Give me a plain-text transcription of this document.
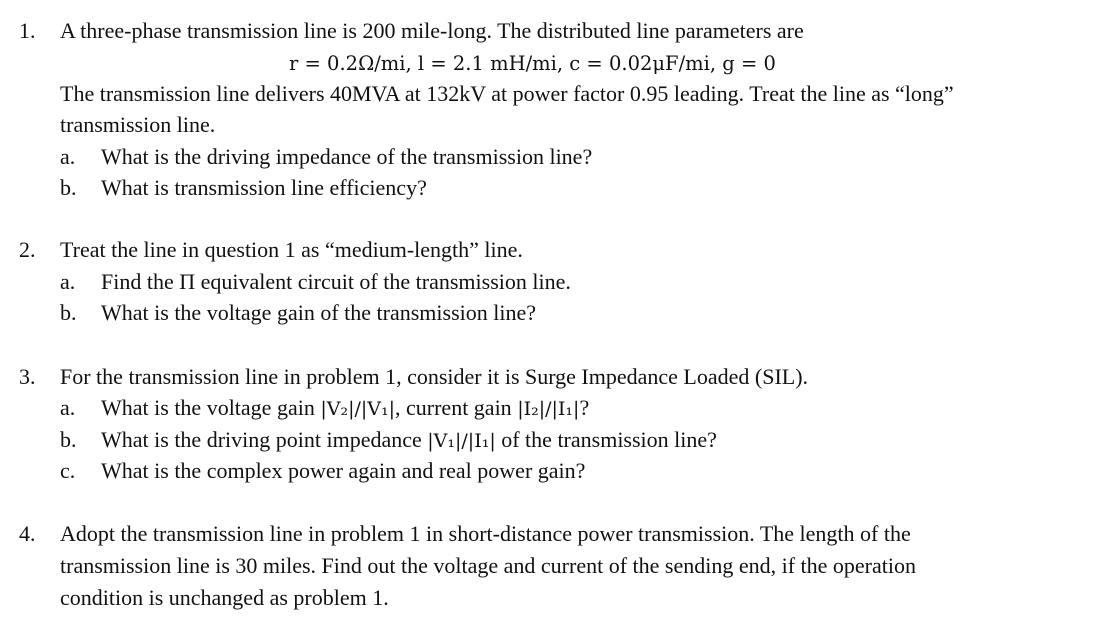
1. A three-phase transmission line is 200 mile-long. The distributed line parameters are
r = 0.2Ω/mi, l = 2.1 mH/mi, c = 0.02μF/mi, g = 0
The transmission line delivers 40MVA at 132kV at power factor 0.95 leading. Treat the line as “long”
transmission line.
a. What is the driving impedance of the transmission line?
b. What is transmission line efficiency?
2. Treat the line in question 1 as “medium-length” line.
a. Find the Π equivalent circuit of the transmission line.
b. What is the voltage gain of the transmission line?
3. For the transmission line in problem 1, consider it is Surge Impedance Loaded (SIL).
a. What is the voltage gain |V₂|/|V₁|, current gain |I₂|/|I₁|?
b. What is the driving point impedance |V₁|/|I₁| of the transmission line?
c. What is the complex power again and real power gain?
4. Adopt the transmission line in problem 1 in short-distance power transmission. The length of the
transmission line is 30 miles. Find out the voltage and current of the sending end, if the operation
condition is unchanged as problem 1.
